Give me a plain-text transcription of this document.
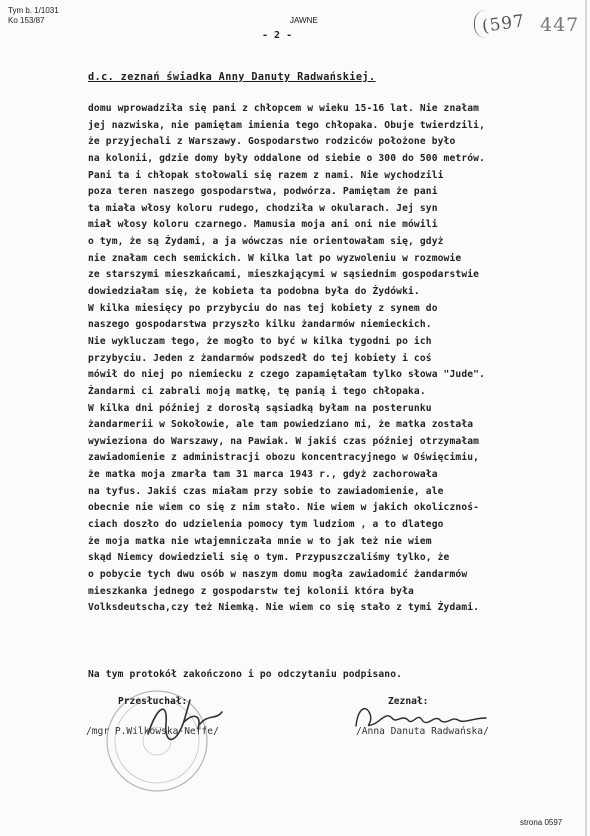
Tym b. 1/1031
Ko 153/87	JAWNE
- 2 -	(597 447
d.c. zeznań świadka Anny Danuty Radwańskiej.
domu wprowadziła się pani z chłopcem w wieku 15-16 lat. Nie znałam
jej nazwiska, nie pamiętam imienia tego chłopaka. Obuje twierdzili,
że przyjechali z Warszawy. Gospodarstwo rodziców położone było
na kolonii, gdzie domy były oddalone od siebie o 300 do 500 metrów.
Pani ta i chłopak stołowali się razem z nami. Nie wychodzili
poza teren naszego gospodarstwa, podwórza. Pamiętam że pani
ta miała włosy koloru rudego, chodziła w okularach. Jej syn
miał włosy koloru czarnego. Mamusia moja ani oni nie mówili
o tym, że są Żydami, a ja wówczas nie orientowałam się, gdyż
nie znałam cech semickich. W kilka lat po wyzwoleniu w rozmowie
ze starszymi mieszkańcami, mieszkającymi w sąsiednim gospodarstwie
dowiedziałam się, że kobieta ta podobna była do Żydówki.
W kilka miesięcy po przybyciu do nas tej kobiety z synem do
naszego gospodarstwa przyszło kilku żandarmów niemieckich.
Nie wykluczam tego, że mogło to być w kilka tygodni po ich
przybyciu. Jeden z żandarmów podszedł do tej kobiety i coś
mówił do niej po niemiecku z czego zapamiętałam tylko słowa "Jude".
Żandarmi ci zabrali moją matkę, tę panią i tego chłopaka.
W kilka dni później z dorosłą sąsiadką byłam na posterunku
żandarmerii w Sokołowie, ale tam powiedziano mi, że matka została
wywieziona do Warszawy, na Pawiak. W jakiś czas później otrzymałam
zawiadomienie z administracji obozu koncentracyjnego w Oświęcimiu,
że matka moja zmarła tam 31 marca 1943 r., gdyż zachorowała
na tyfus. Jakiś czas miałam przy sobie to zawiadomienie, ale
obecnie nie wiem co się z nim stało. Nie wiem w jakich okolicznoś-
ciach doszło do udzielenia pomocy tym ludziom , a to dlatego
że moja matka nie wtajemniczała mnie w to jak też nie wiem
skąd Niemcy dowiedzieli się o tym. Przypuszczaliśmy tylko, że
o pobycie tych dwu osób w naszym domu mogła zawiadomić żandarmów
mieszkanka jednego z gospodarstw tej kolonii która była
Volksdeutscha,czy też Niemką. Nie wiem co się stało z tymi Żydami.
Na tym protokół zakończono i po odczytaniu podpisano.
Przesłuchał:	Zeznał:
/mgr P.Wilkowska-Neffe/	/Anna Danuta Radwańska/
strona 0597
